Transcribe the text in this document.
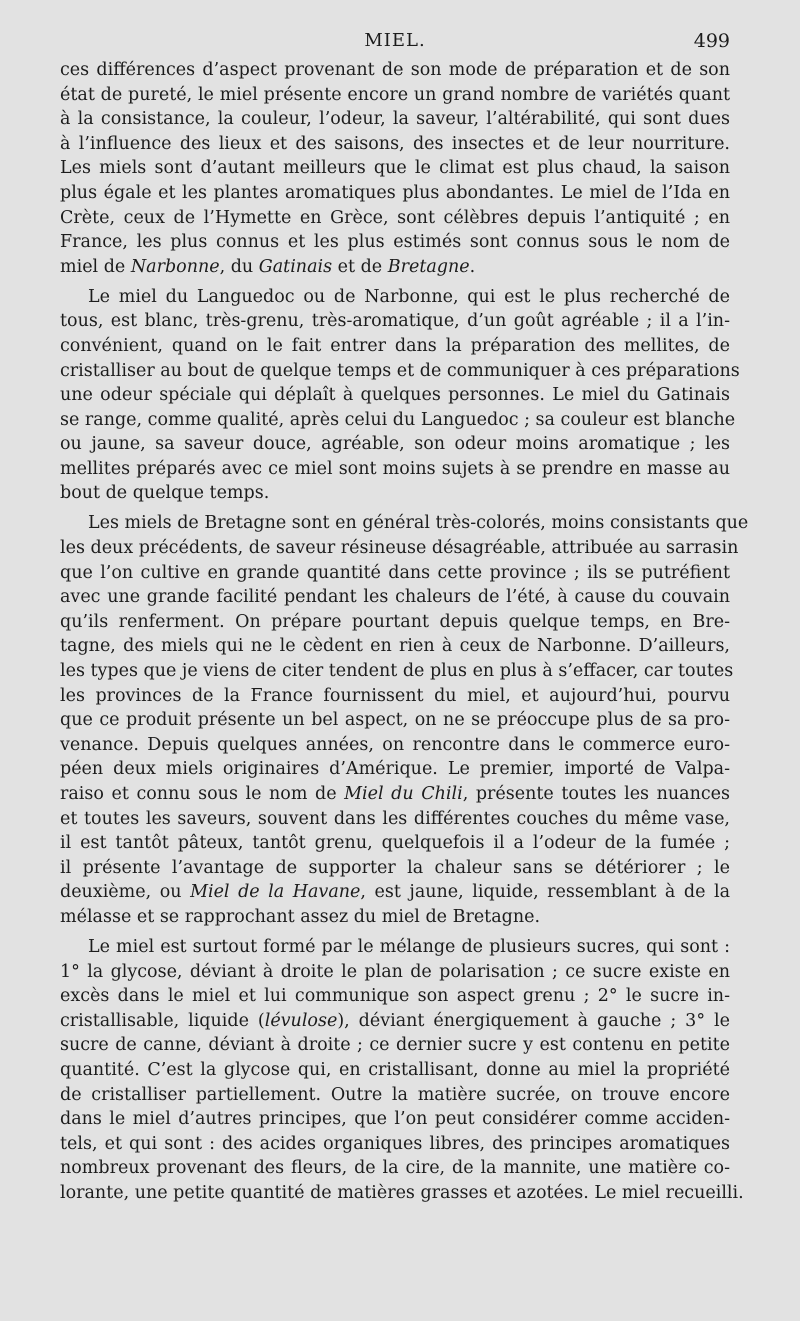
MIEL.	499
ces différences d’aspect provenant de son mode de préparation et de son
état de pureté, le miel présente encore un grand nombre de variétés quant
à la consistance, la couleur, l’odeur, la saveur, l’altérabilité, qui sont dues
à l’influence des lieux et des saisons, des insectes et de leur nourriture.
Les miels sont d’autant meilleurs que le climat est plus chaud, la saison
plus égale et les plantes aromatiques plus abondantes. Le miel de l’Ida en
Crète, ceux de l’Hymette en Grèce, sont célèbres depuis l’antiquité ; en
France, les plus connus et les plus estimés sont connus sous le nom de
miel de Narbonne, du Gatinais et de Bretagne.
Le miel du Languedoc ou de Narbonne, qui est le plus recherché de
tous, est blanc, très-grenu, très-aromatique, d’un goût agréable ; il a l’in-
convénient, quand on le fait entrer dans la préparation des mellites, de
cristalliser au bout de quelque temps et de communiquer à ces préparations
une odeur spéciale qui déplaît à quelques personnes. Le miel du Gatinais
se range, comme qualité, après celui du Languedoc ; sa couleur est blanche
ou jaune, sa saveur douce, agréable, son odeur moins aromatique ; les
mellites préparés avec ce miel sont moins sujets à se prendre en masse au
bout de quelque temps.
Les miels de Bretagne sont en général très-colorés, moins consistants que
les deux précédents, de saveur résineuse désagréable, attribuée au sarrasin
que l’on cultive en grande quantité dans cette province ; ils se putréfient
avec une grande facilité pendant les chaleurs de l’été, à cause du couvain
qu’ils renferment. On prépare pourtant depuis quelque temps, en Bre-
tagne, des miels qui ne le cèdent en rien à ceux de Narbonne. D’ailleurs,
les types que je viens de citer tendent de plus en plus à s’effacer, car toutes
les provinces de la France fournissent du miel, et aujourd’hui, pourvu
que ce produit présente un bel aspect, on ne se préoccupe plus de sa pro-
venance. Depuis quelques années, on rencontre dans le commerce euro-
péen deux miels originaires d’Amérique. Le premier, importé de Valpa-
raiso et connu sous le nom de Miel du Chili, présente toutes les nuances
et toutes les saveurs, souvent dans les différentes couches du même vase,
il est tantôt pâteux, tantôt grenu, quelquefois il a l’odeur de la fumée ;
il présente l’avantage de supporter la chaleur sans se détériorer ; le
deuxième, ou Miel de la Havane, est jaune, liquide, ressemblant à de la
mélasse et se rapprochant assez du miel de Bretagne.
Le miel est surtout formé par le mélange de plusieurs sucres, qui sont :
1° la glycose, déviant à droite le plan de polarisation ; ce sucre existe en
excès dans le miel et lui communique son aspect grenu ; 2° le sucre in-
cristallisable, liquide (lévulose), déviant énergiquement à gauche ; 3° le
sucre de canne, déviant à droite ; ce dernier sucre y est contenu en petite
quantité. C’est la glycose qui, en cristallisant, donne au miel la propriété
de cristalliser partiellement. Outre la matière sucrée, on trouve encore
dans le miel d’autres principes, que l’on peut considérer comme acciden-
tels, et qui sont : des acides organiques libres, des principes aromatiques
nombreux provenant des fleurs, de la cire, de la mannite, une matière co-
lorante, une petite quantité de matières grasses et azotées. Le miel recueilli.
